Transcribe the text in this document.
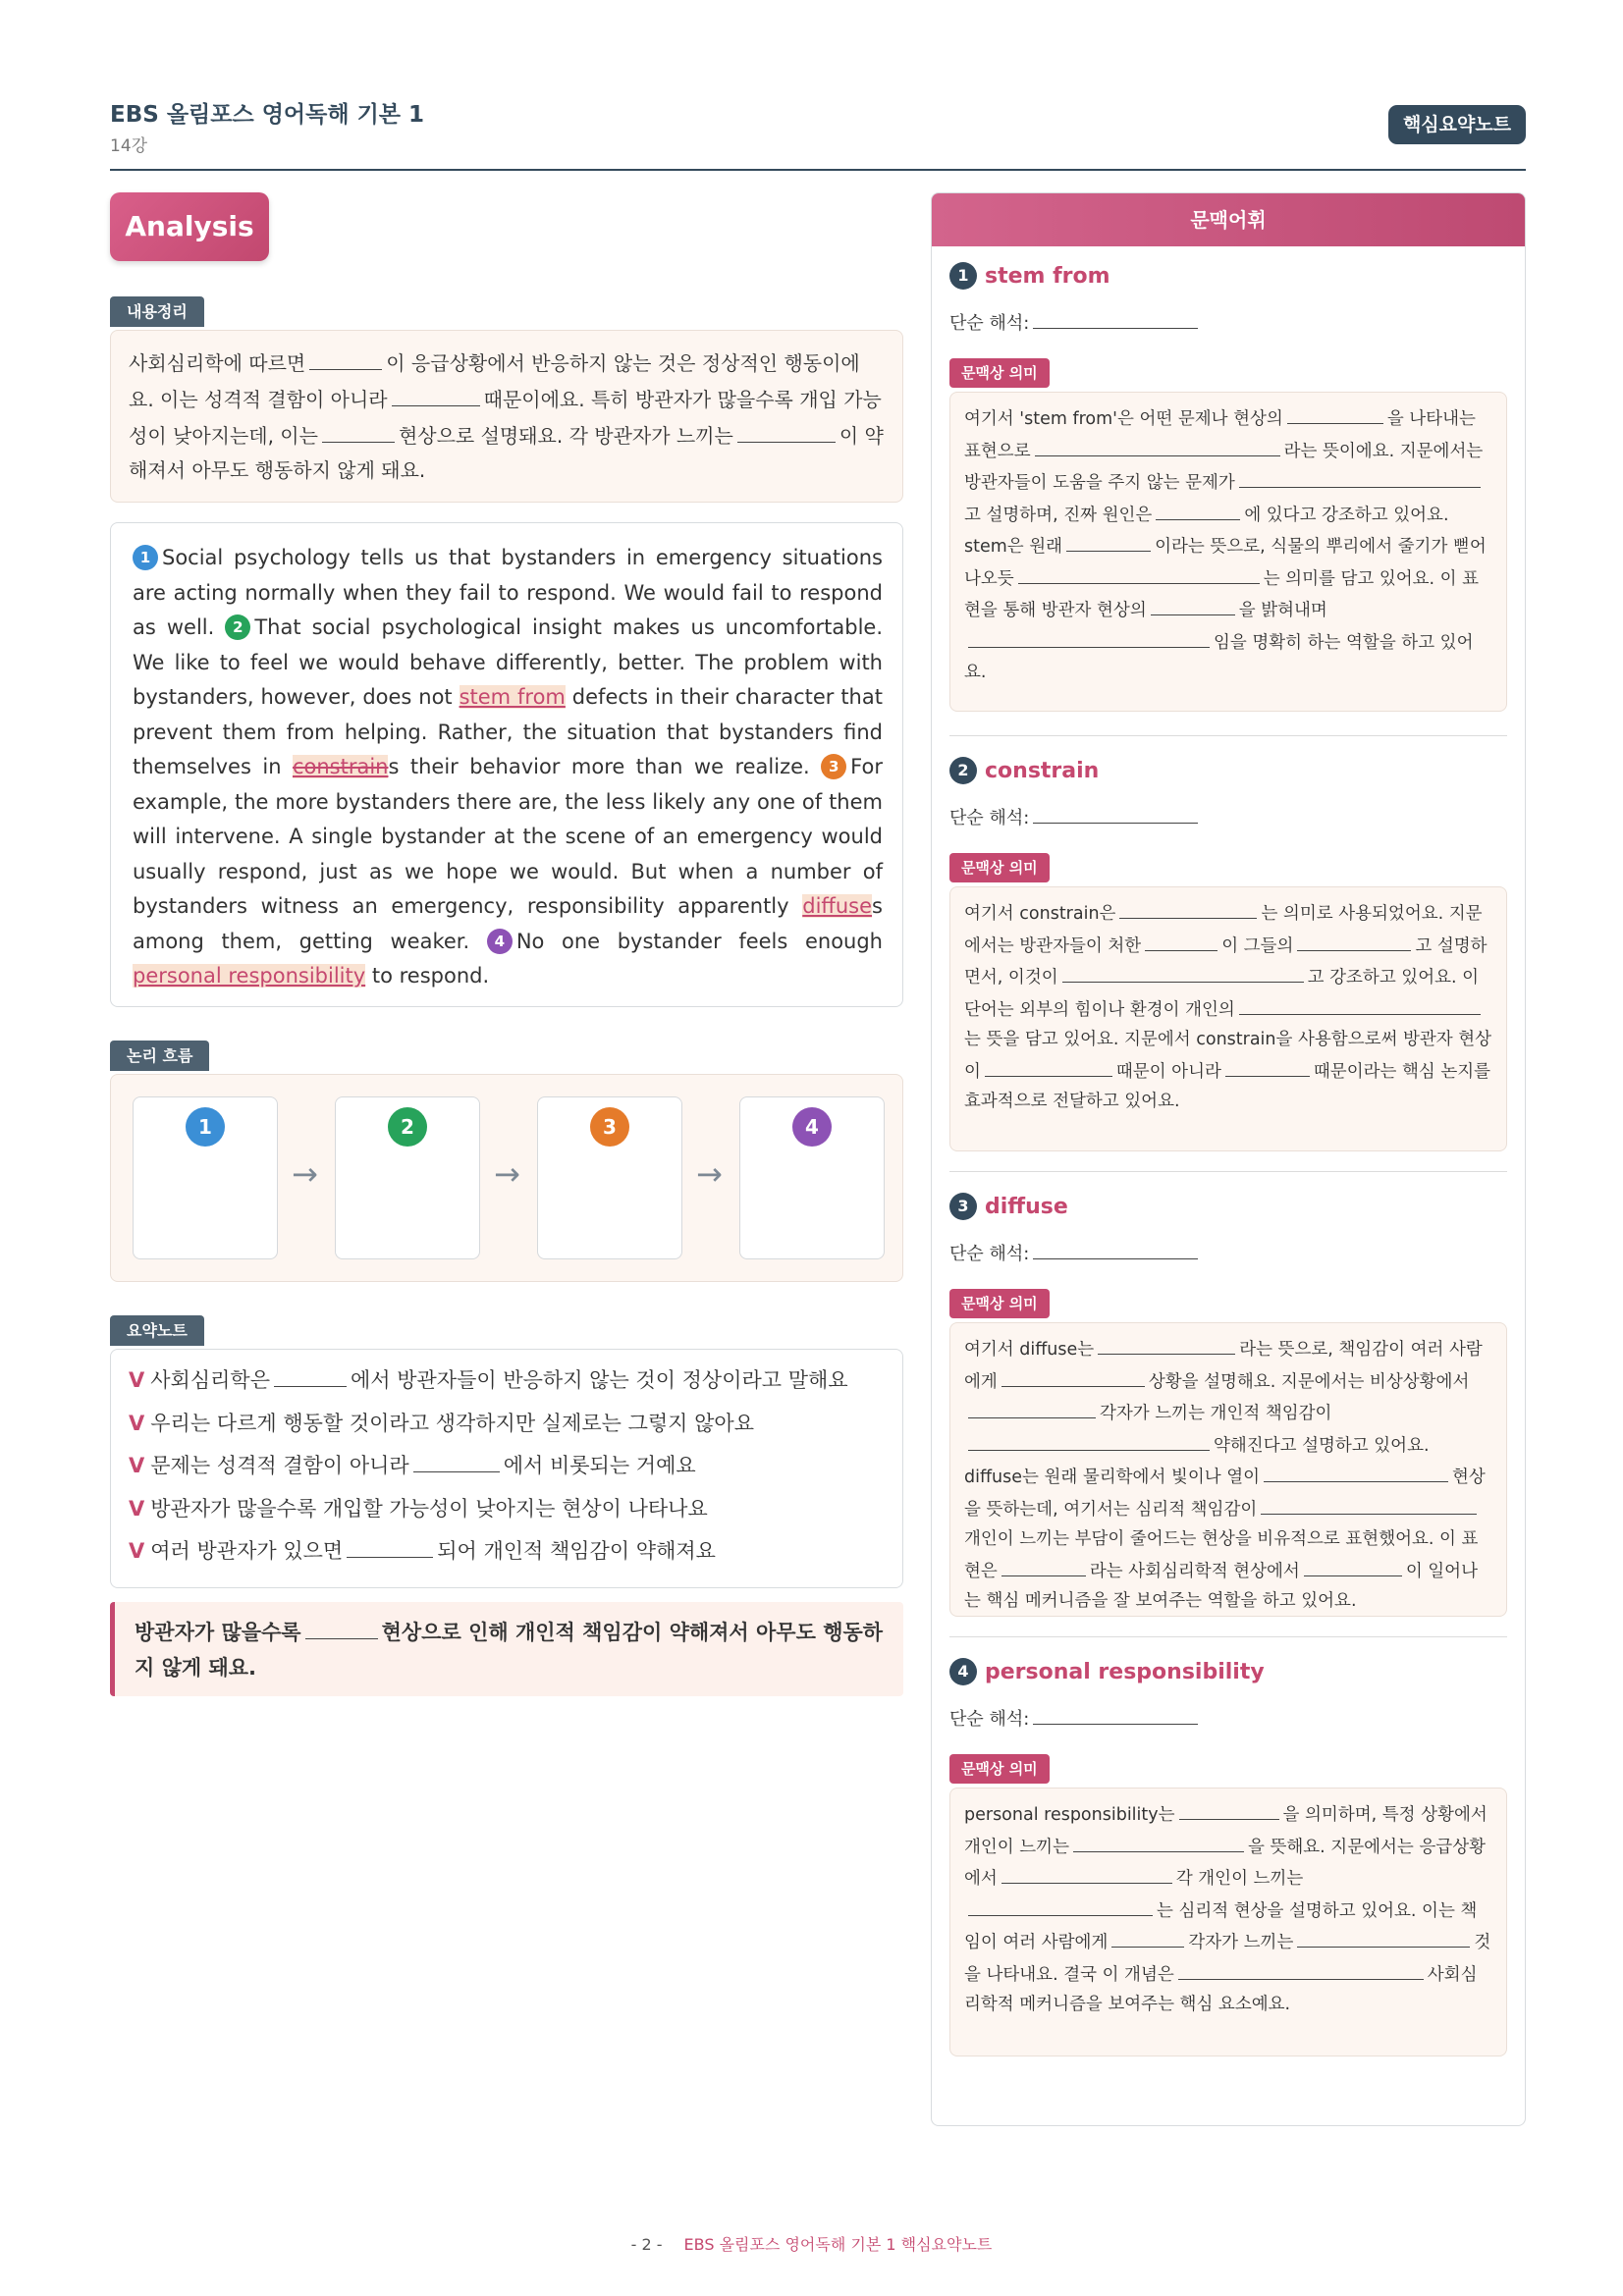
EBS 올림포스 영어독해 기본 1
14강
핵심요약노트
Analysis
내용정리
사회심리학에 따르면	이 응급상황에서 반응하지 않는 것은 정상적인 행동이에요. 이는 성격적 결함이 아니라	때문이에요. 특히 방관자가 많을수록 개입 가능성이 낮아지는데, 이는	현상으로 설명돼요. 각 방관자가 느끼는	이 약해져서 아무도 행동하지 않게 돼요.
1 Social psychology tells us that bystanders in emergency situations are acting normally when they fail to respond. We would fail to respond as well. 2 That social psychological insight makes us uncomfortable. We like to feel we would behave differently, better. The problem with bystanders, however, does not stem from defects in their character that prevent them from helping. Rather, the situation that bystanders find themselves in constrains their behavior more than we realize. 3 For example, the more bystanders there are, the less likely any one of them will intervene. A single bystander at the scene of an emergency would usually respond, just as we hope we would. But when a number of bystanders witness an emergency, responsibility apparently diffuses among them, getting weaker. 4 No one bystander feels enough personal responsibility to respond.
논리 흐름
1
→
2
→
3
→
4
요약노트
V 사회심리학은	에서 방관자들이 반응하지 않는 것이 정상이라고 말해요
V 우리는 다르게 행동할 것이라고 생각하지만 실제로는 그렇지 않아요
V 문제는 성격적 결함이 아니라	에서 비롯되는 거예요
V 방관자가 많을수록 개입할 가능성이 낮아지는 현상이 나타나요
V 여러 방관자가 있으면	되어 개인적 책임감이 약해져요
방관자가 많을수록	현상으로 인해 개인적 책임감이 약해져서 아무도 행동하지 않게 돼요.
문맥어휘
1 stem from
단순 해석:
문맥상 의미
여기서 'stem from'은 어떤 문제나 현상의	을 나타내는 표현으로	라는 뜻이에요. 지문에서는 방관자들이 도움을 주지 않는 문제가고 설명하며, 진짜 원인은	에 있다고 강조하고 있어요. stem은 원래	이라는 뜻으로, 식물의 뿌리에서 줄기가 뻗어나오듯	는 의미를 담고 있어요. 이 표현을 통해 방관자 현상의	을 밝혀내며임을 명확히 하는 역할을 하고 있어요.
2 constrain
단순 해석:
문맥상 의미
여기서 constrain은	는 의미로 사용되었어요. 지문에서는 방관자들이 처한	이 그들의	고 설명하면서, 이것이	고 강조하고 있어요. 이 단어는 외부의 힘이나 환경이 개인의는 뜻을 담고 있어요. 지문에서 constrain을 사용함으로써 방관자 현상이	때문이 아니라	때문이라는 핵심 논지를 효과적으로 전달하고 있어요.
3 diffuse
단순 해석:
문맥상 의미
여기서 diffuse는	라는 뜻으로, 책임감이 여러 사람에게	상황을 설명해요. 지문에서는 비상상황에서각자가 느끼는 개인적 책임감이약해진다고 설명하고 있어요. diffuse는 원래 물리학에서 빛이나 열이	현상을 뜻하는데, 여기서는 심리적 책임감이개인이 느끼는 부담이 줄어드는 현상을 비유적으로 표현했어요. 이 표현은	라는 사회심리학적 현상에서	이 일어나는 핵심 메커니즘을 잘 보여주는 역할을 하고 있어요.
4 personal responsibility
단순 해석:
문맥상 의미
personal responsibility는	을 의미하며, 특정 상황에서 개인이 느끼는	을 뜻해요. 지문에서는 응급상황에서	각 개인이 느끼는는 심리적 현상을 설명하고 있어요. 이는 책임이 여러 사람에게	각자가 느끼는	것을 나타내요. 결국 이 개념은	사회심리학적 메커니즘을 보여주는 핵심 요소예요.
- 2 - EBS 올림포스 영어독해 기본 1 핵심요약노트
